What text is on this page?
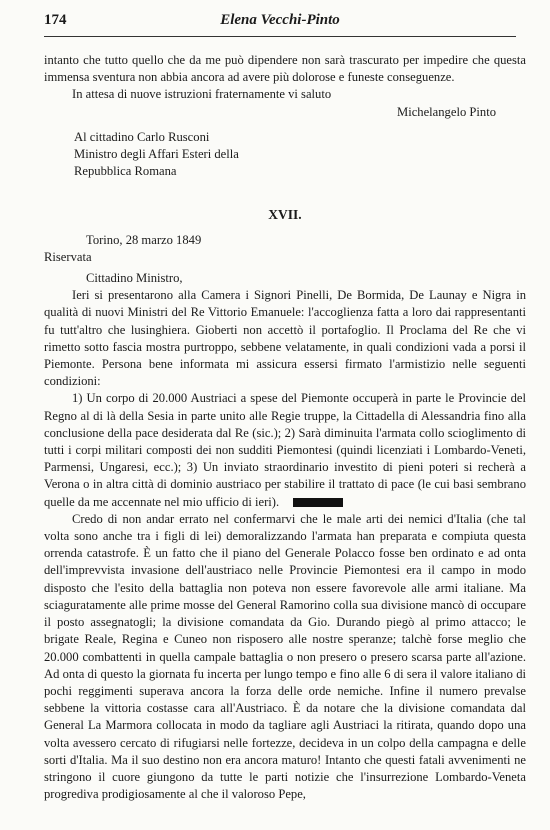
174	Elena Vecchi-Pinto

intanto che tutto quello che da me può dipendere non sarà trascurato per impedire che questa immensa sventura non abbia ancora ad avere più dolorose e funeste conseguenze.

In attesa di nuove istruzioni fraternamente vi saluto

Michelangelo Pinto

Al cittadino Carlo Rusconi
Ministro degli Affari Esteri della
Repubblica Romana
XVII.

Torino, 28 marzo 1849

Riservata

Cittadino Ministro,

Ieri si presentarono alla Camera i Signori Pinelli, De Bormida, De Launay e Nigra in qualità di nuovi Ministri del Re Vittorio Emanuele: l'accoglienza fatta a loro dai rappresentanti fu tutt'altro che lusinghiera. Gioberti non accettò il portafoglio. Il Proclama del Re che vi rimetto sotto fascia mostra purtroppo, sebbene velatamente, in quali condizioni vada a porsi il Piemonte. Persona bene informata mi assicura essersi firmato l'armistizio nelle seguenti condizioni:

1) Un corpo di 20.000 Austriaci a spese del Piemonte occuperà in parte le Provincie del Regno al di là della Sesia in parte unito alle Regie truppe, la Cittadella di Alessandria fino alla conclusione della pace desiderata dal Re (sic.); 2) Sarà diminuita l'armata collo scioglimento di tutti i corpi militari composti dei non sudditi Piemontesi (quindi licenziati i Lombardo-Veneti, Parmensi, Ungaresi, ecc.); 3) Un inviato straordinario investito di pieni poteri si recherà a Verona o in altra città di dominio austriaco per stabilire il trattato di pace (le cui basi sembrano quelle da me accennate nel mio ufficio di ieri).

Credo di non andar errato nel confermarvi che le male arti dei nemici d'Italia (che tal volta sono anche tra i figli di lei) demoralizzando l'armata han preparata e compiuta questa orrenda catastrofe. È un fatto che il piano del Generale Polacco fosse ben ordinato e ad onta dell'imprevvista invasione dell'austriaco nelle Provincie Piemontesi era il campo in modo disposto che l'esito della battaglia non poteva non essere favorevole alle armi italiane. Ma sciaguratamente alle prime mosse del General Ramorino colla sua divisione mancò di occupare il posto assegnatogli; la divisione comandata da Gio. Durando piegò al primo attacco; le brigate Reale, Regina e Cuneo non risposero alle nostre speranze; talchè forse meglio che 20.000 combattenti in quella campale battaglia o non presero o presero scarsa parte all'azione. Ad onta di questo la giornata fu incerta per lungo tempo e fino alle 6 di sera il valore italiano di pochi reggimenti superava ancora la forza delle orde nemiche. Infine il numero prevalse sebbene la vittoria costasse cara all'Austriaco. È da notare che la divisione comandata dal General La Marmora collocata in modo da tagliare agli Austriaci la ritirata, quando dopo una volta avessero cercato di rifugiarsi nelle fortezze, decideva in un colpo della campagna e delle sorti d'Italia. Ma il suo destino non era ancora maturo! Intanto che questi fatali avvenimenti ne stringono il cuore giungono da tutte le parti notizie che l'insurrezione Lombardo-Veneta progrediva prodigiosamente al che il valoroso Pepe,
